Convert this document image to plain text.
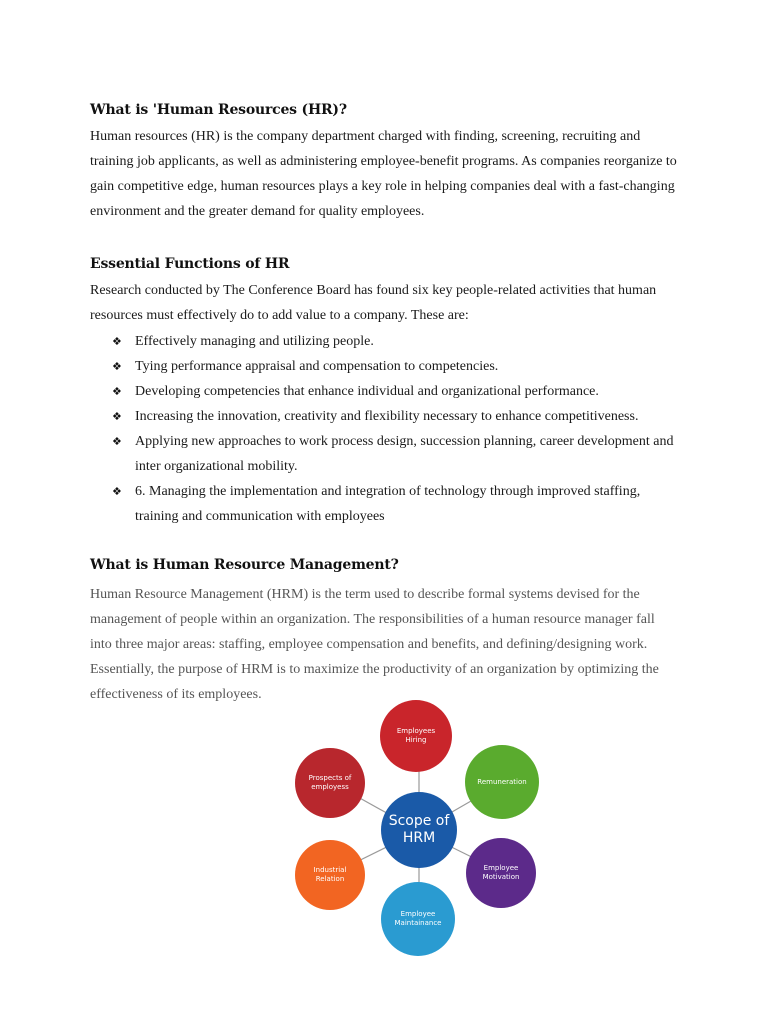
What is 'Human Resources (HR)?

Human resources (HR) is the company department charged with finding, screening, recruiting and training job applicants, as well as administering employee-benefit programs. As companies reorganize to gain competitive edge, human resources plays a key role in helping companies deal with a fast-changing environment and the greater demand for quality employees.

Essential Functions of HR

Research conducted by The Conference Board has found six key people-related activities that human resources must effectively do to add value to a company. These are:

❖ Effectively managing and utilizing people.
❖ Tying performance appraisal and compensation to competencies.
❖ Developing competencies that enhance individual and organizational performance.
❖ Increasing the innovation, creativity and flexibility necessary to enhance competitiveness.
❖ Applying new approaches to work process design, succession planning, career development and inter organizational mobility.
❖ 6. Managing the implementation and integration of technology through improved staffing, training and communication with employees
What is Human Resource Management?

Human Resource Management (HRM) is the term used to describe formal systems devised for the management of people within an organization. The responsibilities of a human resource manager fall into three major areas: staffing, employee compensation and benefits, and defining/designing work. Essentially, the purpose of HRM is to maximize the productivity of an organization by optimizing the effectiveness of its employees.

Employees Hiring
Remuneration
Employee Motivation
Employee Maintainance
Industrial Relation
Prospects of employess
Scope of HRM
